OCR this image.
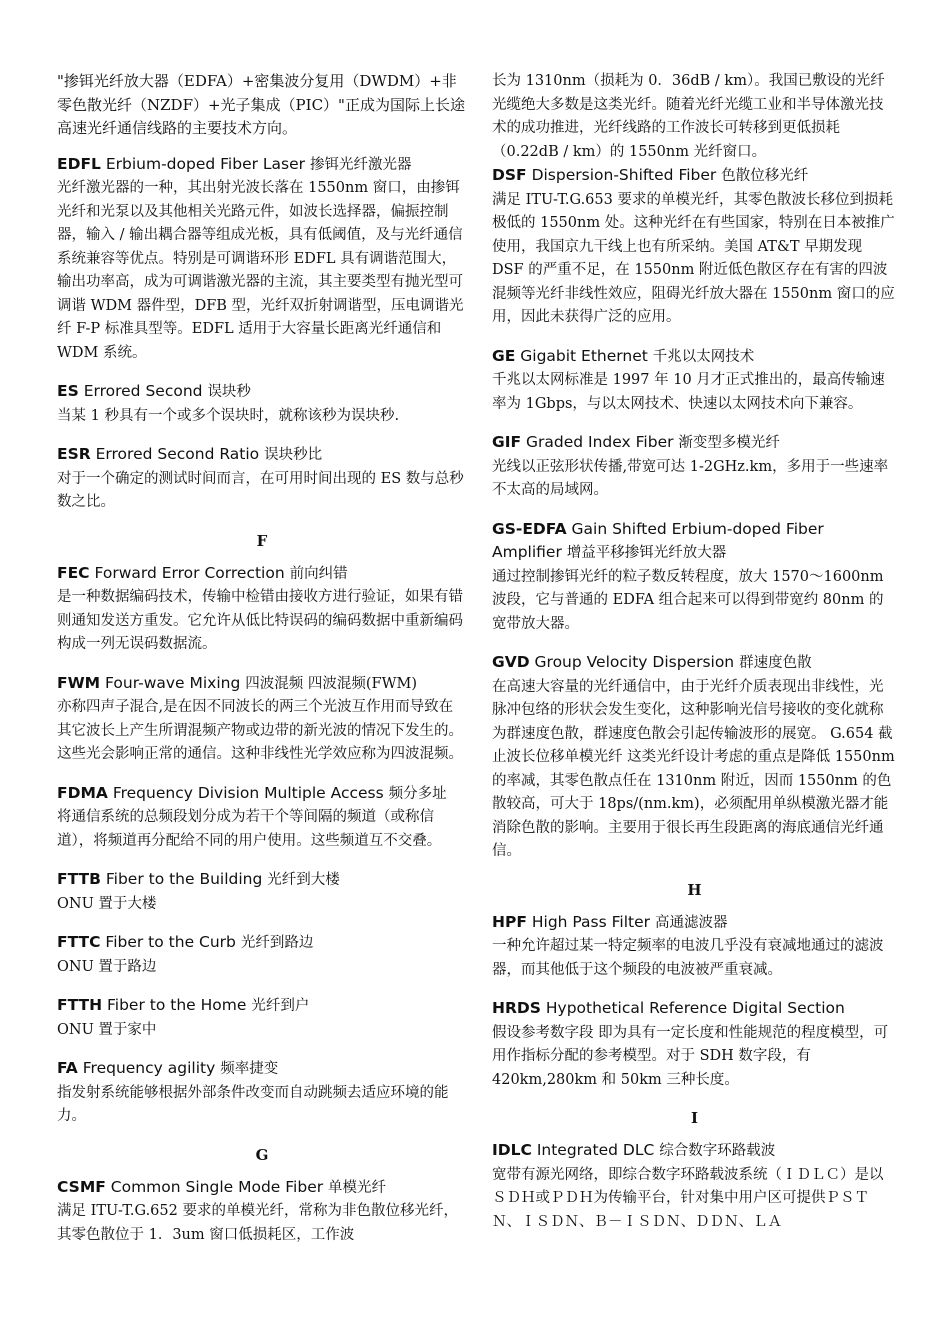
"掺铒光纤放大器（EDFA）+密集波分复用（DWDM）+非零色散光纤（NZDF）+光子集成（PIC）"正成为国际上长途高速光纤通信线路的主要技术方向。

EDFL Erbium-doped Fiber Laser 掺铒光纤激光器

光纤激光器的一种，其出射光波长落在 1550nm 窗口，由掺铒光纤和光泵以及其他相关光路元件，如波长选择器，偏振控制器，输入 / 输出耦合器等组成光板，具有低阈值，及与光纤通信系统兼容等优点。特别是可调谐环形 EDFL 具有调谐范围大，输出功率高，成为可调谐激光器的主流，其主要类型有抛光型可调谐 WDM 器件型，DFB 型，光纤双折射调谐型，压电调谐光纤 F-P 标准具型等。EDFL 适用于大容量长距离光纤通信和 WDM 系统。

ES Errored Second 误块秒

当某 1 秒具有一个或多个误块时，就称该秒为误块秒.

ESR Errored Second Ratio 误块秒比

对于一个确定的测试时间而言，在可用时间出现的 ES 数与总秒数之比。

F

FEC Forward Error Correction 前向纠错

是一种数据编码技术，传输中检错由接收方进行验证，如果有错则通知发送方重发。它允许从低比特误码的编码数据中重新编码构成一列无误码数据流。

FWM Four-wave Mixing 四波混频 四波混频(FWM)

亦称四声子混合,是在因不同波长的两三个光波互作用而导致在其它波长上产生所谓混频产物或边带的新光波的情况下发生的。这些光会影响正常的通信。这种非线性光学效应称为四波混频。

FDMA Frequency Division Multiple Access 频分多址

将通信系统的总频段划分成为若干个等间隔的频道（或称信道），将频道再分配给不同的用户使用。这些频道互不交叠。

FTTB Fiber to the Building 光纤到大楼

ONU 置于大楼

FTTC Fiber to the Curb 光纤到路边

ONU 置于路边

FTTH Fiber to the Home 光纤到户

ONU 置于家中

FA Frequency agility 频率捷变

指发射系统能够根据外部条件改变而自动跳频去适应环境的能力。

G

CSMF Common Single Mode Fiber 单模光纤

满足 ITU-T.G.652 要求的单模光纤，常称为非色散位移光纤，其零色散位于 1．3um 窗口低损耗区，工作波

长为 1310nm（损耗为 0．36dB / km）。我国已敷设的光纤光缆绝大多数是这类光纤。随着光纤光缆工业和半导体激光技术的成功推进，光纤线路的工作波长可转移到更低损耗（0.22dB / km）的 1550nm 光纤窗口。

DSF Dispersion-Shifted Fiber 色散位移光纤

满足 ITU-T.G.653 要求的单模光纤，其零色散波长移位到损耗极低的 1550nm 处。这种光纤在有些国家，特别在日本被推广使用，我国京九干线上也有所采纳。美国 AT&T 早期发现 DSF 的严重不足，在 1550nm 附近低色散区存在有害的四波混频等光纤非线性效应，阻碍光纤放大器在 1550nm 窗口的应用，因此未获得广泛的应用。

GE Gigabit Ethernet 千兆以太网技术

千兆以太网标准是 1997 年 10 月才正式推出的，最高传输速率为 1Gbps，与以太网技术、快速以太网技术向下兼容。

GIF Graded Index Fiber 渐变型多模光纤

光线以正弦形状传播,带宽可达 1-2GHz.km，多用于一些速率不太高的局域网。

GS-EDFA Gain Shifted Erbium-doped Fiber Amplifier 增益平移掺铒光纤放大器

通过控制掺铒光纤的粒子数反转程度，放大 1570～1600nm 波段，它与普通的 EDFA 组合起来可以得到带宽约 80nm 的宽带放大器。

GVD Group Velocity Dispersion 群速度色散

在高速大容量的光纤通信中，由于光纤介质表现出非线性，光脉冲包络的形状会发生变化，这种影响光信号接收的变化就称为群速度色散，群速度色散会引起传输波形的展宽。 G.654 截止波长位移单模光纤 这类光纤设计考虑的重点是降低 1550nm 的率减，其零色散点任在 1310nm 附近，因而 1550nm 的色散较高，可大于 18ps/(nm.km)，必须配用单纵模激光器才能消除色散的影响。主要用于很长再生段距离的海底通信光纤通信。

H

HPF High Pass Filter 高通滤波器

一种允许超过某一特定频率的电波几乎没有衰减地通过的滤波器，而其他低于这个频段的电波被严重衰减。

HRDS Hypothetical Reference Digital Section

假设参考数字段 即为具有一定长度和性能规范的程度模型，可用作指标分配的参考模型。对于 SDH 数字段，有 420km,280km 和 50km 三种长度。

I

IDLC Integrated DLC 综合数字环路载波

宽带有源光网络，即综合数字环路载波系统（ＩＤＬＣ）是以ＳＤＨ或ＰＤＨ为传输平台，针对集中用户区可提供ＰＳＴＮ、ＩＳＤＮ、Ｂ－ＩＳＤＮ、ＤＤＮ、ＬＡ
